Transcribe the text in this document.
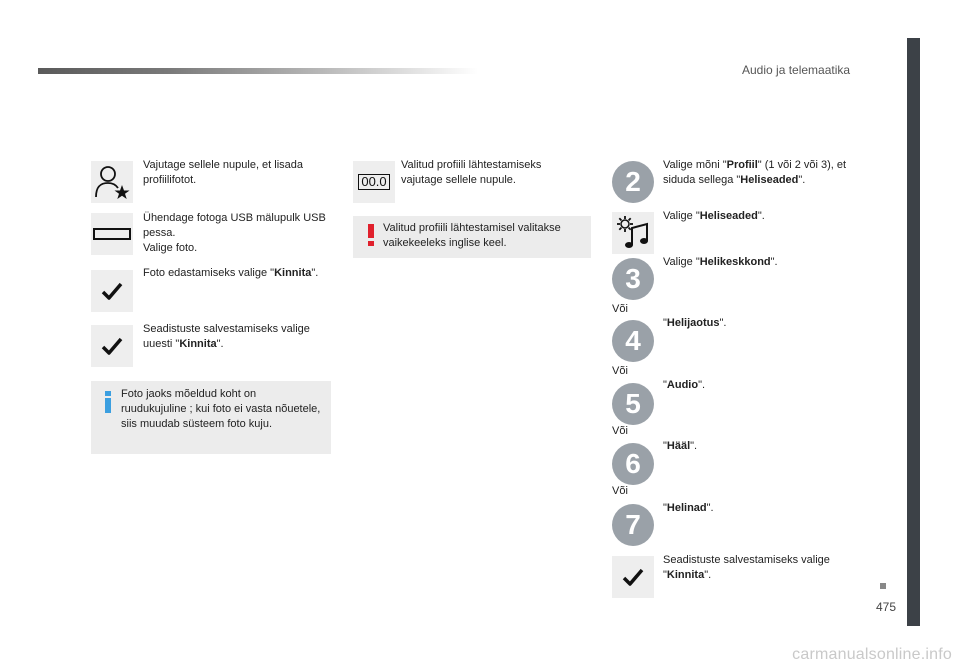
Audio ja telemaatika
475
Vajutage sellele nupule, et lisada profiilifotot.
Ühendage fotoga USB mälupulk USB pessa.
Valige foto.
Foto edastamiseks valige "Kinnita".
Seadistuste salvestamiseks valige uuesti "Kinnita".
Foto jaoks mõeldud koht on ruudukujuline ; kui foto ei vasta nõuetele, siis muudab süsteem foto kuju.
00.0
Valitud profiili lähtestamiseks vajutage sellele nupule.
Valitud profiili lähtestamisel valitakse vaikekeeleks inglise keel.
2
Valige mõni "Profiil" (1 või 2 või 3), et siduda sellega "Heliseaded".
Valige "Heliseaded".
3
Valige "Helikeskkond".
Või
4
"Helijaotus".
Või
5
"Audio".
Või
6
"Hääl".
Või
7
"Helinad".
Seadistuste salvestamiseks valige "Kinnita".
carmanualsonline.info
